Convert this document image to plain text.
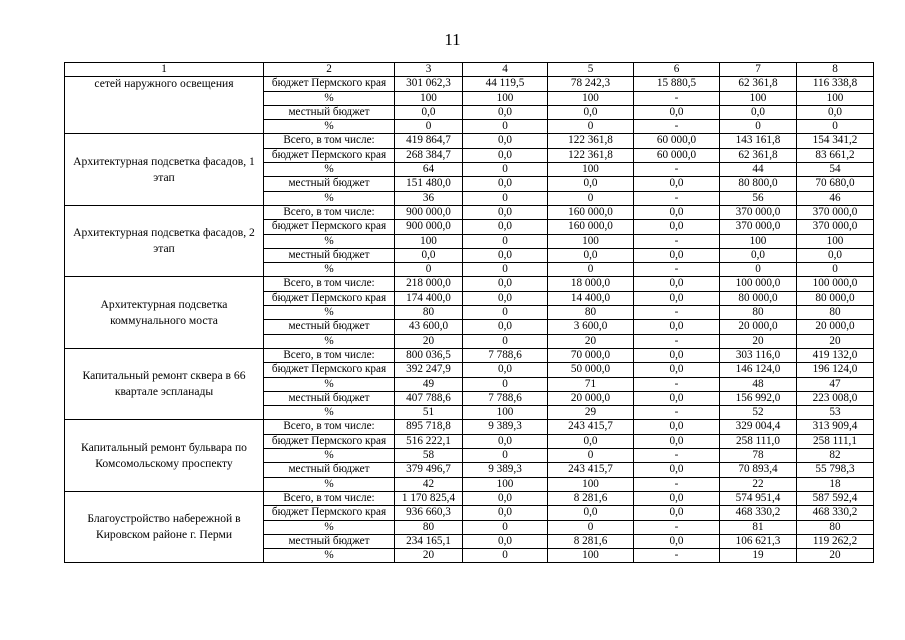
11
1	2	3	4	5	6	7	8
сетей наружного освещения	бюджет Пермского края	301 062,3	44 119,5	78 242,3	15 880,5	62 361,8	116 338,8
	%	100	100	100	-	100	100
	местный бюджет	0,0	0,0	0,0	0,0	0,0	0,0
	%	0	0	0	-	0	0
Архитектурная подсветка фасадов, 1 этап	Всего, в том числе:	419 864,7	0,0	122 361,8	60 000,0	143 161,8	154 341,2
	бюджет Пермского края	268 384,7	0,0	122 361,8	60 000,0	62 361,8	83 661,2
	%	64	0	100	-	44	54
	местный бюджет	151 480,0	0,0	0,0	0,0	80 800,0	70 680,0
	%	36	0	0	-	56	46
Архитектурная подсветка фасадов, 2 этап	Всего, в том числе:	900 000,0	0,0	160 000,0	0,0	370 000,0	370 000,0
	бюджет Пермского края	900 000,0	0,0	160 000,0	0,0	370 000,0	370 000,0
	%	100	0	100	-	100	100
	местный бюджет	0,0	0,0	0,0	0,0	0,0	0,0
	%	0	0	0	-	0	0
Архитектурная подсветка коммунального моста	Всего, в том числе:	218 000,0	0,0	18 000,0	0,0	100 000,0	100 000,0
	бюджет Пермского края	174 400,0	0,0	14 400,0	0,0	80 000,0	80 000,0
	%	80	0	80	-	80	80
	местный бюджет	43 600,0	0,0	3 600,0	0,0	20 000,0	20 000,0
	%	20	0	20	-	20	20
Капитальный ремонт сквера в 66 квартале эспланады	Всего, в том числе:	800 036,5	7 788,6	70 000,0	0,0	303 116,0	419 132,0
	бюджет Пермского края	392 247,9	0,0	50 000,0	0,0	146 124,0	196 124,0
	%	49	0	71	-	48	47
	местный бюджет	407 788,6	7 788,6	20 000,0	0,0	156 992,0	223 008,0
	%	51	100	29	-	52	53
Капитальный ремонт бульвара по Комсомольскому проспекту	Всего, в том числе:	895 718,8	9 389,3	243 415,7	0,0	329 004,4	313 909,4
	бюджет Пермского края	516 222,1	0,0	0,0	0,0	258 111,0	258 111,1
	%	58	0	0	-	78	82
	местный бюджет	379 496,7	9 389,3	243 415,7	0,0	70 893,4	55 798,3
	%	42	100	100	-	22	18
Благоустройство набережной в Кировском районе г. Перми	Всего, в том числе:	1 170 825,4	0,0	8 281,6	0,0	574 951,4	587 592,4
	бюджет Пермского края	936 660,3	0,0	0,0	0,0	468 330,2	468 330,2
	%	80	0	0	-	81	80
	местный бюджет	234 165,1	0,0	8 281,6	0,0	106 621,3	119 262,2
	%	20	0	100	-	19	20
